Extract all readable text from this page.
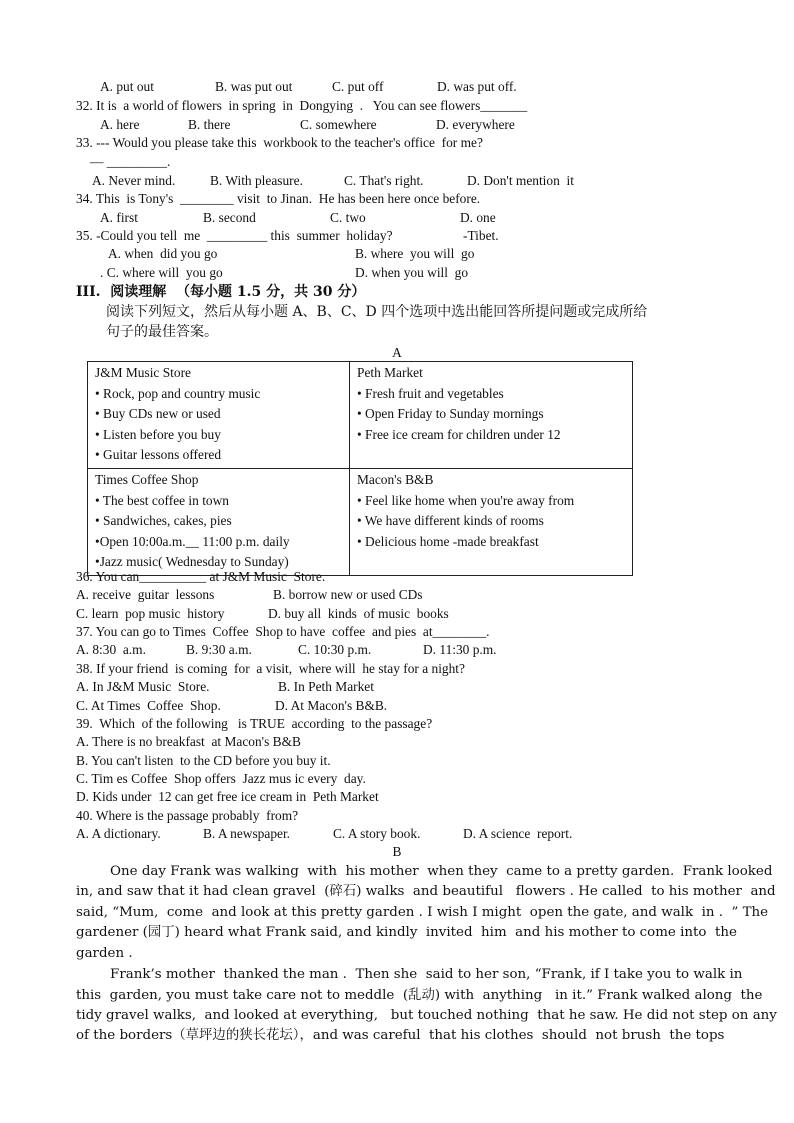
A. put out	B. was put out	C. put off	D. was put off.
32. It is  a world of flowers  in spring  in  Dongying  .   You can see flowers_______
A. here	B. there	C. somewhere	D. everywhere
33. --- Would you please take this  workbook to the teacher's office  for me?
— _________.
A. Never mind.	B. With pleasure.	C. That's right.	D. Don't mention  it
34. This  is Tony's  ________ visit  to Jinan.  He has been here once before.
A. first	B. second	C. two	D. one
35. -Could you tell  me  _________ this  summer  holiday?	-Tibet.
A. when  did you go	B. where  you will  go
. C. where will  you go	D. when you will  go
III.  阅读理解  （每小题 1.5 分，共 30 分）
阅读下列短文，然后从每小题 A、B、C、D 四个选项中选出能回答所提问题或完成所给
句子的最佳答案。
A
J&M Music Store
• Rock, pop and country music
• Buy CDs new or used
• Listen before you buy
• Guitar lessons offered	Peth Market
• Fresh fruit and vegetables
• Open Friday to Sunday mornings
• Free ice cream for children under 12

Times Coffee Shop
• The best coffee in town
• Sandwiches, cakes, pies
•Open 10:00a.m.__ 11:00 p.m. daily
•Jazz music( Wednesday to Sunday)	Macon's B&B
• Feel like home when you're away from
• We have different kinds of rooms
• Delicious home -made breakfast
36. You can__________ at J&M Music  Store.
A. receive  guitar  lessons	B. borrow new or used CDs
C. learn  pop music  history	D. buy all  kinds  of music  books
37. You can go to Times  Coffee  Shop to have  coffee  and pies  at________.
A. 8:30  a.m.	B. 9:30 a.m.	C. 10:30 p.m.	D. 11:30 p.m.
38. If your friend  is coming  for  a visit,  where will  he stay for a night?
A. In J&M Music  Store.	B. In Peth Market
C. At Times  Coffee  Shop.	D. At Macon's B&B.
39.  Which  of the following   is TRUE  according  to the passage?
A. There is no breakfast  at Macon's B&B
B. You can't listen  to the CD before you buy it.
C. Tim es Coffee  Shop offers  Jazz mus ic every  day.
D. Kids under  12 can get free ice cream in  Peth Market
40. Where is the passage probably  from?
A. A dictionary.	B. A newspaper.	C. A story book.	D. A science  report.
B
One day Frank was walking  with  his mother  when they  came to a pretty garden.  Frank looked
in, and saw that it had clean gravel  (碎石) walks  and beautiful   flowers . He called  to his mother  and
said, “Mum,  come  and look at this pretty garden . I wish I might  open the gate, and walk  in .  ” The
gardener (园丁) heard what Frank said, and kindly  invited  him  and his mother to come into  the
garden .
Frank’s mother  thanked the man .  Then she  said to her son, “Frank, if I take you to walk in
this  garden, you must take care not to meddle  (乱动) with  anything   in it.” Frank walked along  the
tidy gravel walks,  and looked at everything,   but touched nothing  that he saw. He did not step on any
of the borders（草坪边的狭长花坛），and was careful  that his clothes  should  not brush  the tops
